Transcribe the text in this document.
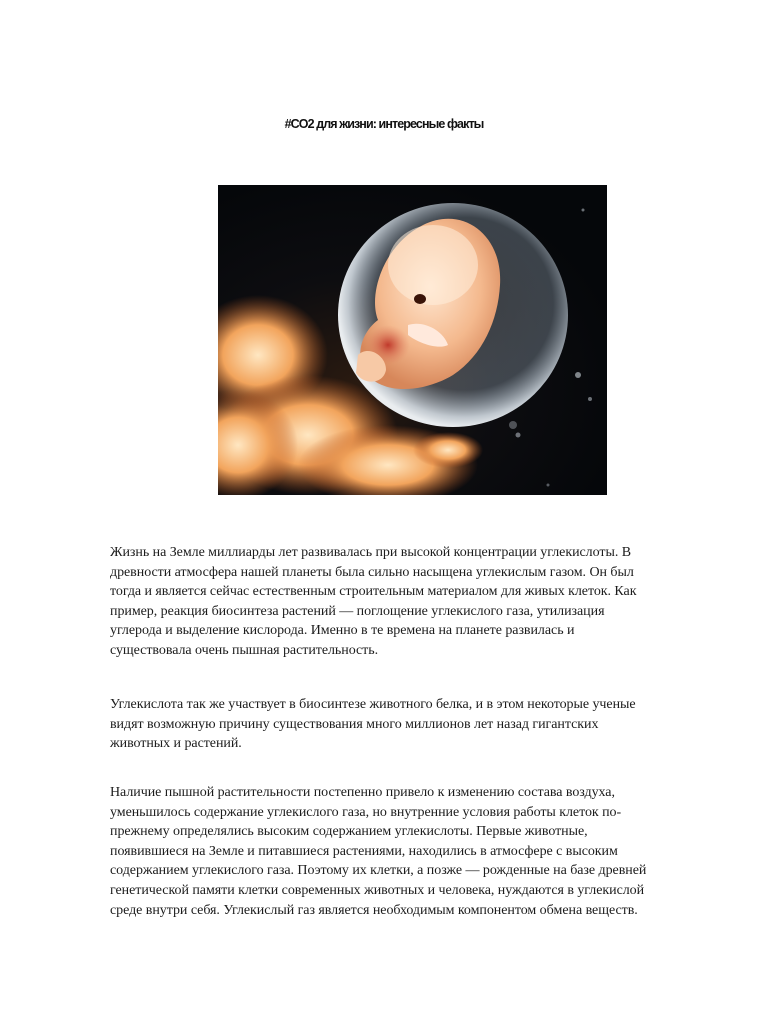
#CO2 для жизни: интересные факты

Жизнь на Земле миллиарды лет развивалась при высокой концентрации углекислоты. В
древности атмосфера нашей планеты была сильно насыщена углекислым газом. Он был
тогда и является сейчас естественным строительным материалом для живых клеток. Как
пример, реакция биосинтеза растений — поглощение углекислого газа, утилизация
углерода и выделение кислорода. Именно в те времена на планете развилась и
существовала очень пышная растительность.

Углекислота так же участвует в биосинтезе животного белка, и в этом некоторые ученые
видят возможную причину существования много миллионов лет назад гигантских
животных и растений.

Наличие пышной растительности постепенно привело к изменению состава воздуха,
уменьшилось содержание углекислого газа, но внутренние условия работы клеток по-
прежнему определялись высоким содержанием углекислоты. Первые животные,
появившиеся на Земле и питавшиеся растениями, находились в атмосфере с высоким
содержанием углекислого газа. Поэтому их клетки, а позже — рожденные на базе древней
генетической памяти клетки современных животных и человека, нуждаются в углекислой
среде внутри себя. Углекислый газ является необходимым компонентом обмена веществ.
